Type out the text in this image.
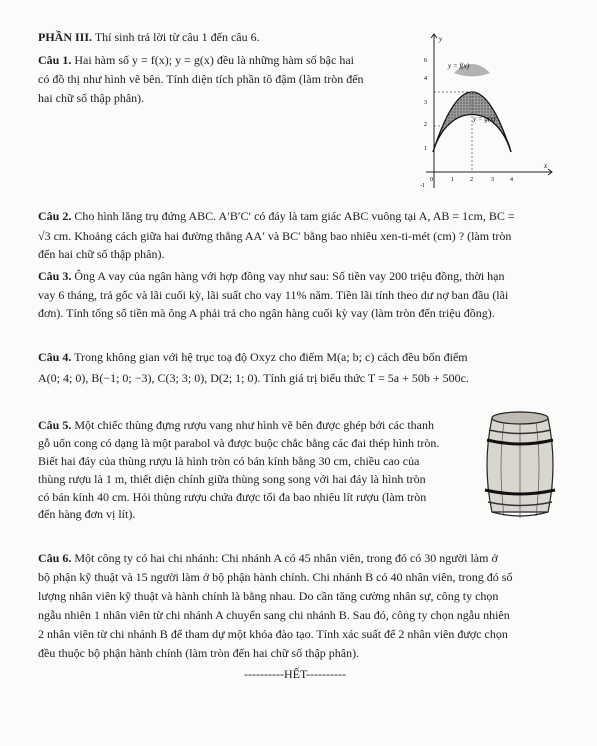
PHẦN III. Thí sinh trả lời từ câu 1 đến câu 6.
Câu 1. Hai hàm số y = f(x); y = g(x) đều là những hàm số bậc hai
có đồ thị như hình vẽ bên. Tính diện tích phần tô đậm (làm tròn đến
hai chữ số thập phân).
6
4
3
2
1
-1
0	1	2	3	4
x
y
y = f(x)
y = g(x)
Câu 2. Cho hình lăng trụ đứng ABC. A′B′C′ có đáy là tam giác ABC vuông tại A, AB = 1cm, BC =
√3 cm. Khoảng cách giữa hai đường thẳng AA′ và BC′ bằng bao nhiêu xen-ti-mét (cm) ? (làm tròn
đến hai chữ số thập phân).
Câu 3. Ông A vay của ngân hàng với hợp đồng vay như sau: Số tiền vay 200 triệu đồng, thời hạn
vay 6 tháng, trả gốc và lãi cuối kỳ, lãi suất cho vay 11% năm. Tiền lãi tính theo dư nợ ban đầu (lãi
đơn). Tính tổng số tiền mà ông A phải trả cho ngân hàng cuối kỳ vay (làm tròn đến triệu đồng).
Câu 4. Trong không gian với hệ trục toạ độ Oxyz cho điểm M(a; b; c) cách đều bốn điểm
A(0; 4; 0), B(−1; 0; −3), C(3; 3; 0), D(2; 1; 0). Tính giá trị biểu thức T = 5a + 50b + 500c.
Câu 5. Một chiếc thùng đựng rượu vang như hình vẽ bên được ghép bởi các thanh
gỗ uốn cong có dạng là một parabol và được buộc chắc bằng các đai thép hình tròn.
Biết hai đáy của thùng rượu là hình tròn có bán kính bằng 30 cm, chiều cao của
thùng rượu là 1 m, thiết diện chính giữa thùng song song với hai đáy là hình tròn
có bán kính 40 cm. Hỏi thùng rượu chứa được tối đa bao nhiêu lít rượu (làm tròn
đến hàng đơn vị lít).
Câu 6. Một công ty có hai chi nhánh: Chi nhánh A có 45 nhân viên, trong đó có 30 người làm ở
bộ phận kỹ thuật và 15 người làm ở bộ phận hành chính. Chi nhánh B có 40 nhân viên, trong đó số
lượng nhân viên kỹ thuật và hành chính là bằng nhau. Do cần tăng cường nhân sự, công ty chọn
ngẫu nhiên 1 nhân viên từ chi nhánh A chuyển sang chi nhánh B. Sau đó, công ty chọn ngẫu nhiên
2 nhân viên từ chi nhánh B để tham dự một khóa đào tạo. Tính xác suất để 2 nhân viên được chọn
đều thuộc bộ phận hành chính (làm tròn đến hai chữ số thập phân).
----------HẾT----------
